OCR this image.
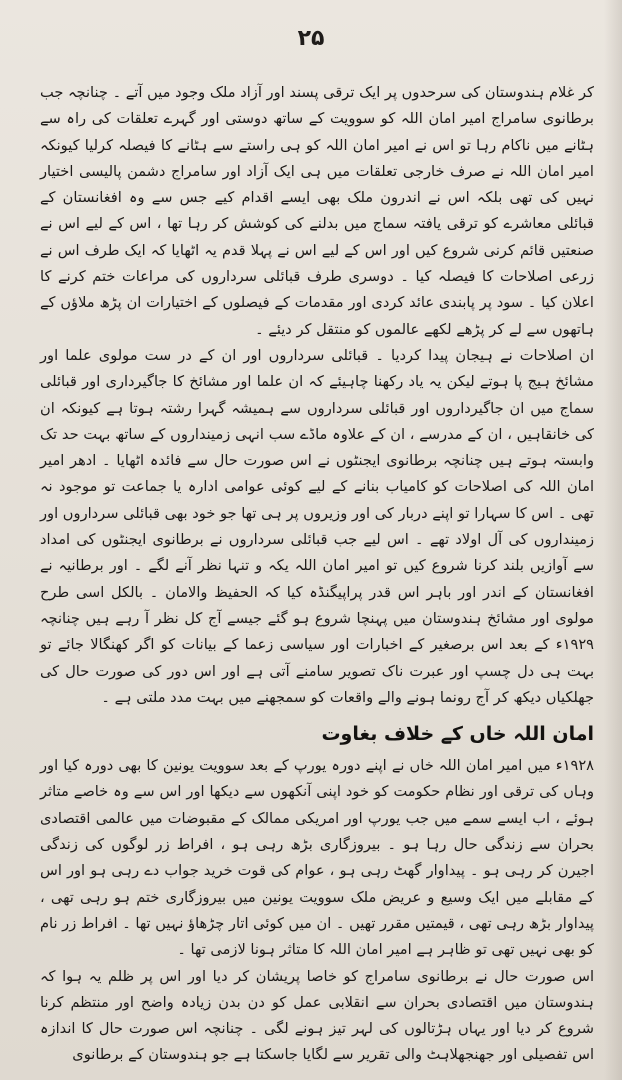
۲۵

کر غلام ہندوستان کی سرحدوں پر ایک ترقی پسند اور آزاد ملک وجود میں آتے ۔ چنانچہ جب برطانوی سامراج امیر امان اللہ کو سوویت کے ساتھ دوستی اور گہرے تعلقات کی راہ سے ہٹانے میں ناکام رہا تو اس نے امیر امان اللہ کو ہی راستے سے ہٹانے کا فیصلہ کرلیا کیونکہ امیر امان اللہ نے صرف خارجی تعلقات میں ہی ایک آزاد اور سامراج دشمن پالیسی اختیار نہیں کی تھی بلکہ اس نے اندرون ملک بھی ایسے اقدام کیے جس سے وہ افغانستان کے قبائلی معاشرے کو ترقی یافتہ سماج میں بدلنے کی کوشش کر رہا تھا ، اس کے لیے اس نے صنعتیں قائم کرنی شروع کیں اور اس کے لیے اس نے پہلا قدم یہ اٹھایا کہ ایک طرف اس نے زرعی اصلاحات کا فیصلہ کیا ۔ دوسری طرف قبائلی سرداروں کی مراعات ختم کرنے کا اعلان کیا ۔ سود پر پابندی عائد کردی اور مقدمات کے فیصلوں کے اختیارات ان پڑھ ملاؤں کے ہاتھوں سے لے کر پڑھے لکھے عالموں کو منتقل کر دیئے ۔

ان اصلاحات نے ہیجان پیدا کردیا ۔ قبائلی سرداروں اور ان کے در ست مولوی علما اور مشائخ ہیج پا ہوتے لیکن یہ یاد رکھنا چاہیئے کہ ان علما اور مشائخ کا جاگیرداری اور قبائلی سماج میں ان جاگیرداروں اور قبائلی سرداروں سے ہمیشہ گہرا رشتہ ہوتا ہے کیونکہ ان کی خانقاہیں ، ان کے مدرسے ، ان کے علاوہ ماڈے سب انہی زمینداروں کے ساتھ بہت حد تک وابستہ ہوتے ہیں چنانچہ برطانوی ایجنٹوں نے اس صورت حال سے فائدہ اٹھایا ۔ ادھر امیر امان اللہ کی اصلاحات کو کامیاب بنانے کے لیے کوئی عوامی ادارہ یا جماعت تو موجود نہ تھی ۔ اس کا سہارا تو اپنے دربار کی اور وزیروں پر ہی تھا جو خود بھی قبائلی سرداروں اور زمینداروں کی آل اولاد تھے ۔ اس لیے جب قبائلی سرداروں نے برطانوی ایجنٹوں کی امداد سے آوازیں بلند کرنا شروع کیں تو امیر امان اللہ یکہ و تنہا نظر آنے لگے ۔ اور برطانیہ نے افغانستان کے اندر اور باہر اس قدر پراپیگنڈہ کیا کہ الحفیظ والامان ۔ بالکل اسی طرح مولوی اور مشائخ ہندوستان میں پہنچا شروع ہو گئے جیسے آج کل نظر آ رہے ہیں چنانچہ ۱۹۲۹ء کے بعد اس برصغیر کے اخبارات اور سیاسی زعما کے بیانات کو اگر کھنگالا جائے تو بہت ہی دل چسپ اور عبرت ناک تصویر سامنے آتی ہے اور اس دور کی صورت حال کی جھلکیاں دیکھ کر آج رونما ہونے والے واقعات کو سمجھنے میں بہت مدد ملتی ہے ۔

امان اللہ خاں کے خلاف بغاوت

۱۹۲۸ء میں امیر امان اللہ خاں نے اپنے دورہ یورپ کے بعد سوویت یونین کا بھی دورہ کیا اور وہاں کی ترقی اور نظام حکومت کو خود اپنی آنکھوں سے دیکھا اور اس سے وہ خاصے متاثر ہوئے ، اب ایسے سمے میں جب یورپ اور امریکی ممالک کے مقبوضات میں عالمی اقتصادی بحران سے زندگی حال رہا ہو ۔ بیروزگاری بڑھ رہی ہو ، افراط زر لوگوں کی زندگی اجیرن کر رہی ہو ۔ پیداوار گھٹ رہی ہو ، عوام کی قوت خرید جواب دے رہی ہو اور اس کے مقابلے میں ایک وسیع و عریض ملک سوویت یونین میں بیروزگاری ختم ہو رہی تھی ، پیداوار بڑھ رہی تھی ، قیمتیں مقرر تھیں ۔ ان میں کوئی اتار چڑھاؤ نہیں تھا ۔ افراط زر نام کو بھی نہیں تھی تو ظاہر ہے امیر امان اللہ کا متاثر ہونا لازمی تھا ۔

اس صورت حال نے برطانوی سامراج کو خاصا پریشان کر دیا اور اس پر ظلم یہ ہوا کہ ہندوستان میں اقتصادی بحران سے انقلابی عمل کو دن بدن زیادہ واضح اور منتظم کرنا شروع کر دیا اور یہاں ہڑتالوں کی لہر تیز ہونے لگی ۔ چنانچہ اس صورت حال کا اندازہ اس تفصیلی اور جھنجھلاہٹ والی تقریر سے لگایا جاسکتا ہے جو ہندوستان کے برطانوی
